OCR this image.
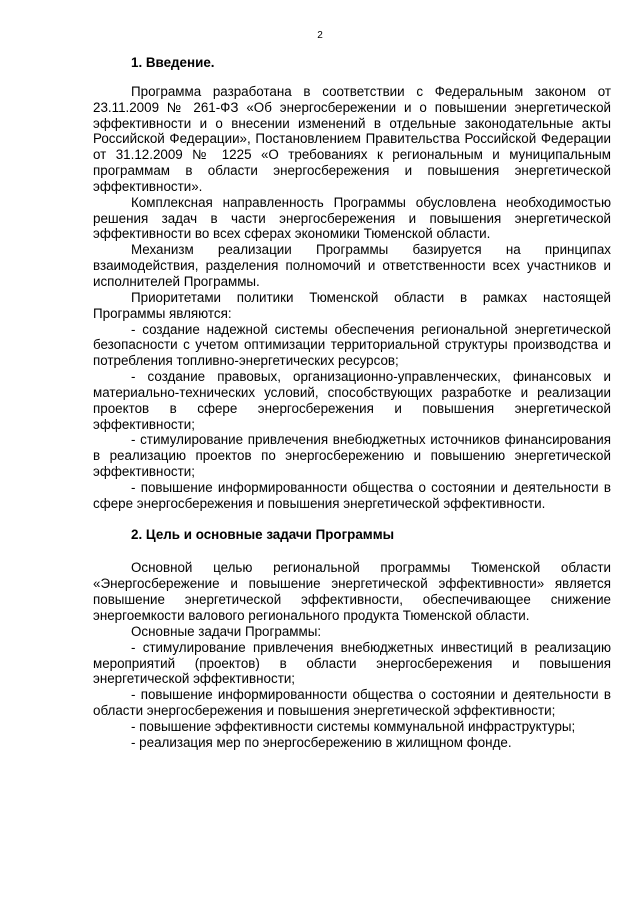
2

1. Введение.

Программа разработана в соответствии с Федеральным законом от 23.11.2009 № 261-ФЗ «Об энергосбережении и о повышении энергетической эффективности и о внесении изменений в отдельные законодательные акты Российской Федерации», Постановлением Правительства Российской Федерации от 31.12.2009 № 1225 «О требованиях к региональным и муниципальным программам в области энергосбережения и повышения энергетической эффективности».

Комплексная направленность Программы обусловлена необходимостью решения задач в части энергосбережения и повышения энергетической эффективности во всех сферах экономики Тюменской области.

Механизм реализации Программы базируется на принципах взаимодействия, разделения полномочий и ответственности всех участников и исполнителей Программы.

Приоритетами политики Тюменской области в рамках настоящей Программы являются:

- создание надежной системы обеспечения региональной энергетической безопасности с учетом оптимизации территориальной структуры производства и потребления топливно-энергетических ресурсов;

- создание правовых, организационно-управленческих, финансовых и материально-технических условий, способствующих разработке и реализации проектов в сфере энергосбережения и повышения энергетической эффективности;

- стимулирование привлечения внебюджетных источников финансирования в реализацию проектов по энергосбережению и повышению энергетической эффективности;

- повышение информированности общества о состоянии и деятельности в сфере энергосбережения и повышения энергетической эффективности.

2. Цель и основные задачи Программы

Основной целью региональной программы Тюменской области «Энергосбережение и повышение энергетической эффективности» является повышение энергетической эффективности, обеспечивающее снижение энергоемкости валового регионального продукта Тюменской области.

Основные задачи Программы:

- стимулирование привлечения внебюджетных инвестиций в реализацию мероприятий (проектов) в области энергосбережения и повышения энергетической эффективности;

- повышение информированности общества о состоянии и деятельности в области энергосбережения и повышения энергетической эффективности;

- повышение эффективности системы коммунальной инфраструктуры;

- реализация мер по энергосбережению в жилищном фонде.
